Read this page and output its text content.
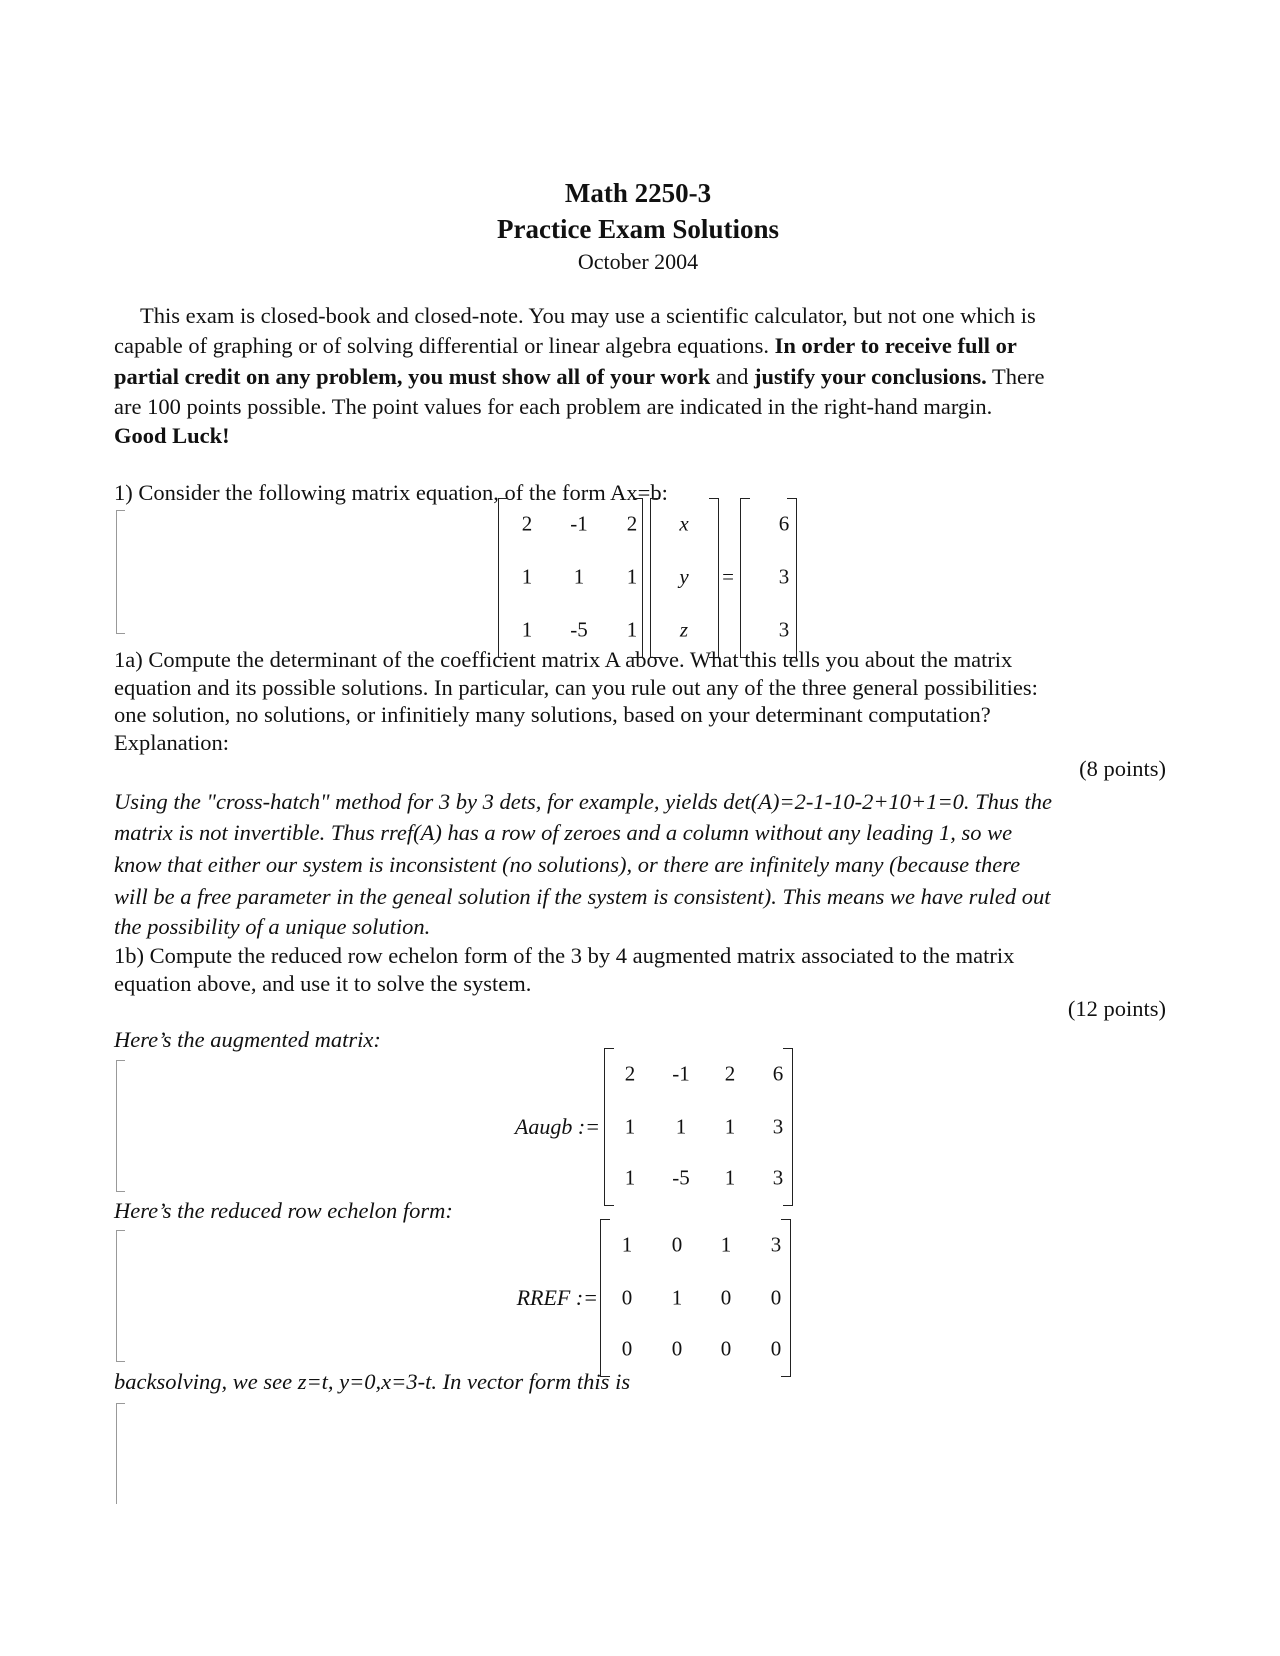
Math 2250-3
Practice Exam Solutions
October 2004
This exam is closed-book and closed-note. You may use a scientific calculator, but not one which is
capable of graphing or of solving differential or linear algebra equations. In order to receive full or
partial credit on any problem, you must show all of your work and justify your conclusions. There
are 100 points possible. The point values for each problem are indicated in the right-hand margin.
Good Luck!
1) Consider the following matrix equation, of the form Ax=b:
2	-1	2
1	1	1
1	-5	1
x
y
z
=
6
3
3
1a) Compute the determinant of the coefficient matrix A above. What this tells you about the matrix
equation and its possible solutions. In particular, can you rule out any of the three general possibilities:
one solution, no solutions, or infinitiely many solutions, based on your determinant computation?
Explanation:
(8 points)
Using the "cross-hatch" method for 3 by 3 dets, for example, yields det(A)=2-1-10-2+10+1=0. Thus the
matrix is not invertible. Thus rref(A) has a row of zeroes and a column without any leading 1, so we
know that either our system is inconsistent (no solutions), or there are infinitely many (because there
will be a free parameter in the geneal solution if the system is consistent). This means we have ruled out
the possibility of a unique solution.
1b) Compute the reduced row echelon form of the 3 by 4 augmented matrix associated to the matrix
equation above, and use it to solve the system.
(12 points)
Here’s the augmented matrix:
Aaugb :=
2	-1	2	6
1	1	1	3
1	-5	1	3
Here’s the reduced row echelon form:
RREF :=
1	0	1	3
0	1	0	0
0	0	0	0
backsolving, we see z=t, y=0,x=3-t. In vector form this is
